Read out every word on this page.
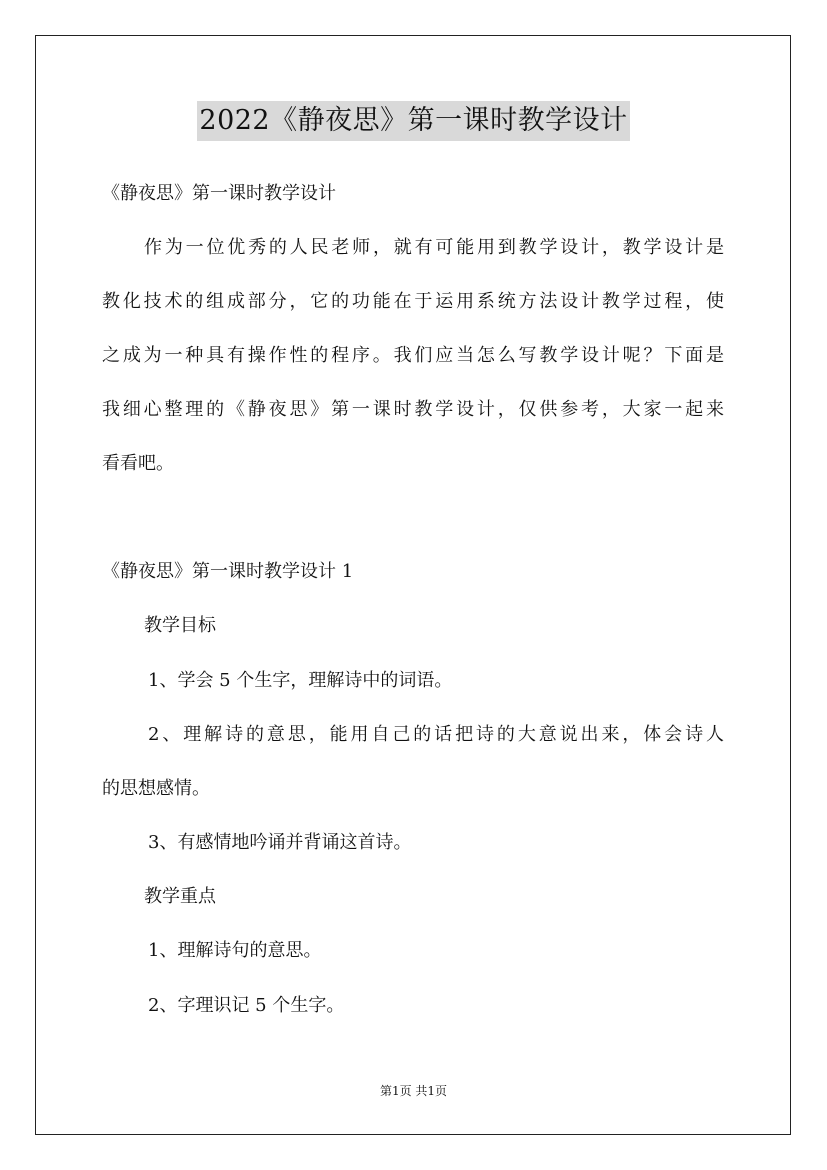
2022《静夜思》第一课时教学设计
《静夜思》第一课时教学设计
作为一位优秀的人民老师，就有可能用到教学设计，教学设计是
教化技术的组成部分，它的功能在于运用系统方法设计教学过程，使
之成为一种具有操作性的程序。我们应当怎么写教学设计呢？下面是
我细心整理的《静夜思》第一课时教学设计，仅供参考，大家一起来
看看吧。
《静夜思》第一课时教学设计 1
教学目标
1、学会 5 个生字，理解诗中的词语。
2、理解诗的意思，能用自己的话把诗的大意说出来，体会诗人
的思想感情。
3、有感情地吟诵并背诵这首诗。
教学重点
1、理解诗句的意思。
2、字理识记 5 个生字。
第1页 共1页
